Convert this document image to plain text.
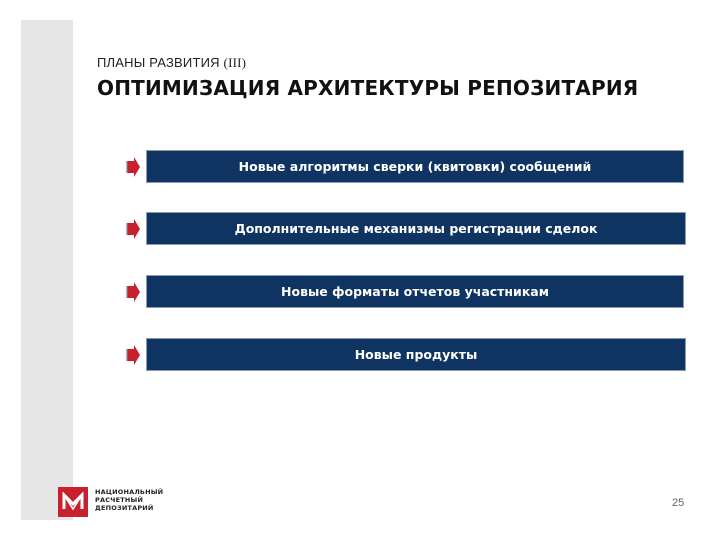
ПЛАНЫ РАЗВИТИЯ (III)
ОПТИМИЗАЦИЯ АРХИТЕКТУРЫ РЕПОЗИТАРИЯ
Новые алгоритмы сверки (квитовки) сообщений
Дополнительные механизмы регистрации сделок
Новые форматы отчетов участникам
Новые продукты
НАЦИОНАЛЬНЫЙ
РАСЧЕТНЫЙ
ДЕПОЗИТАРИЙ	25
